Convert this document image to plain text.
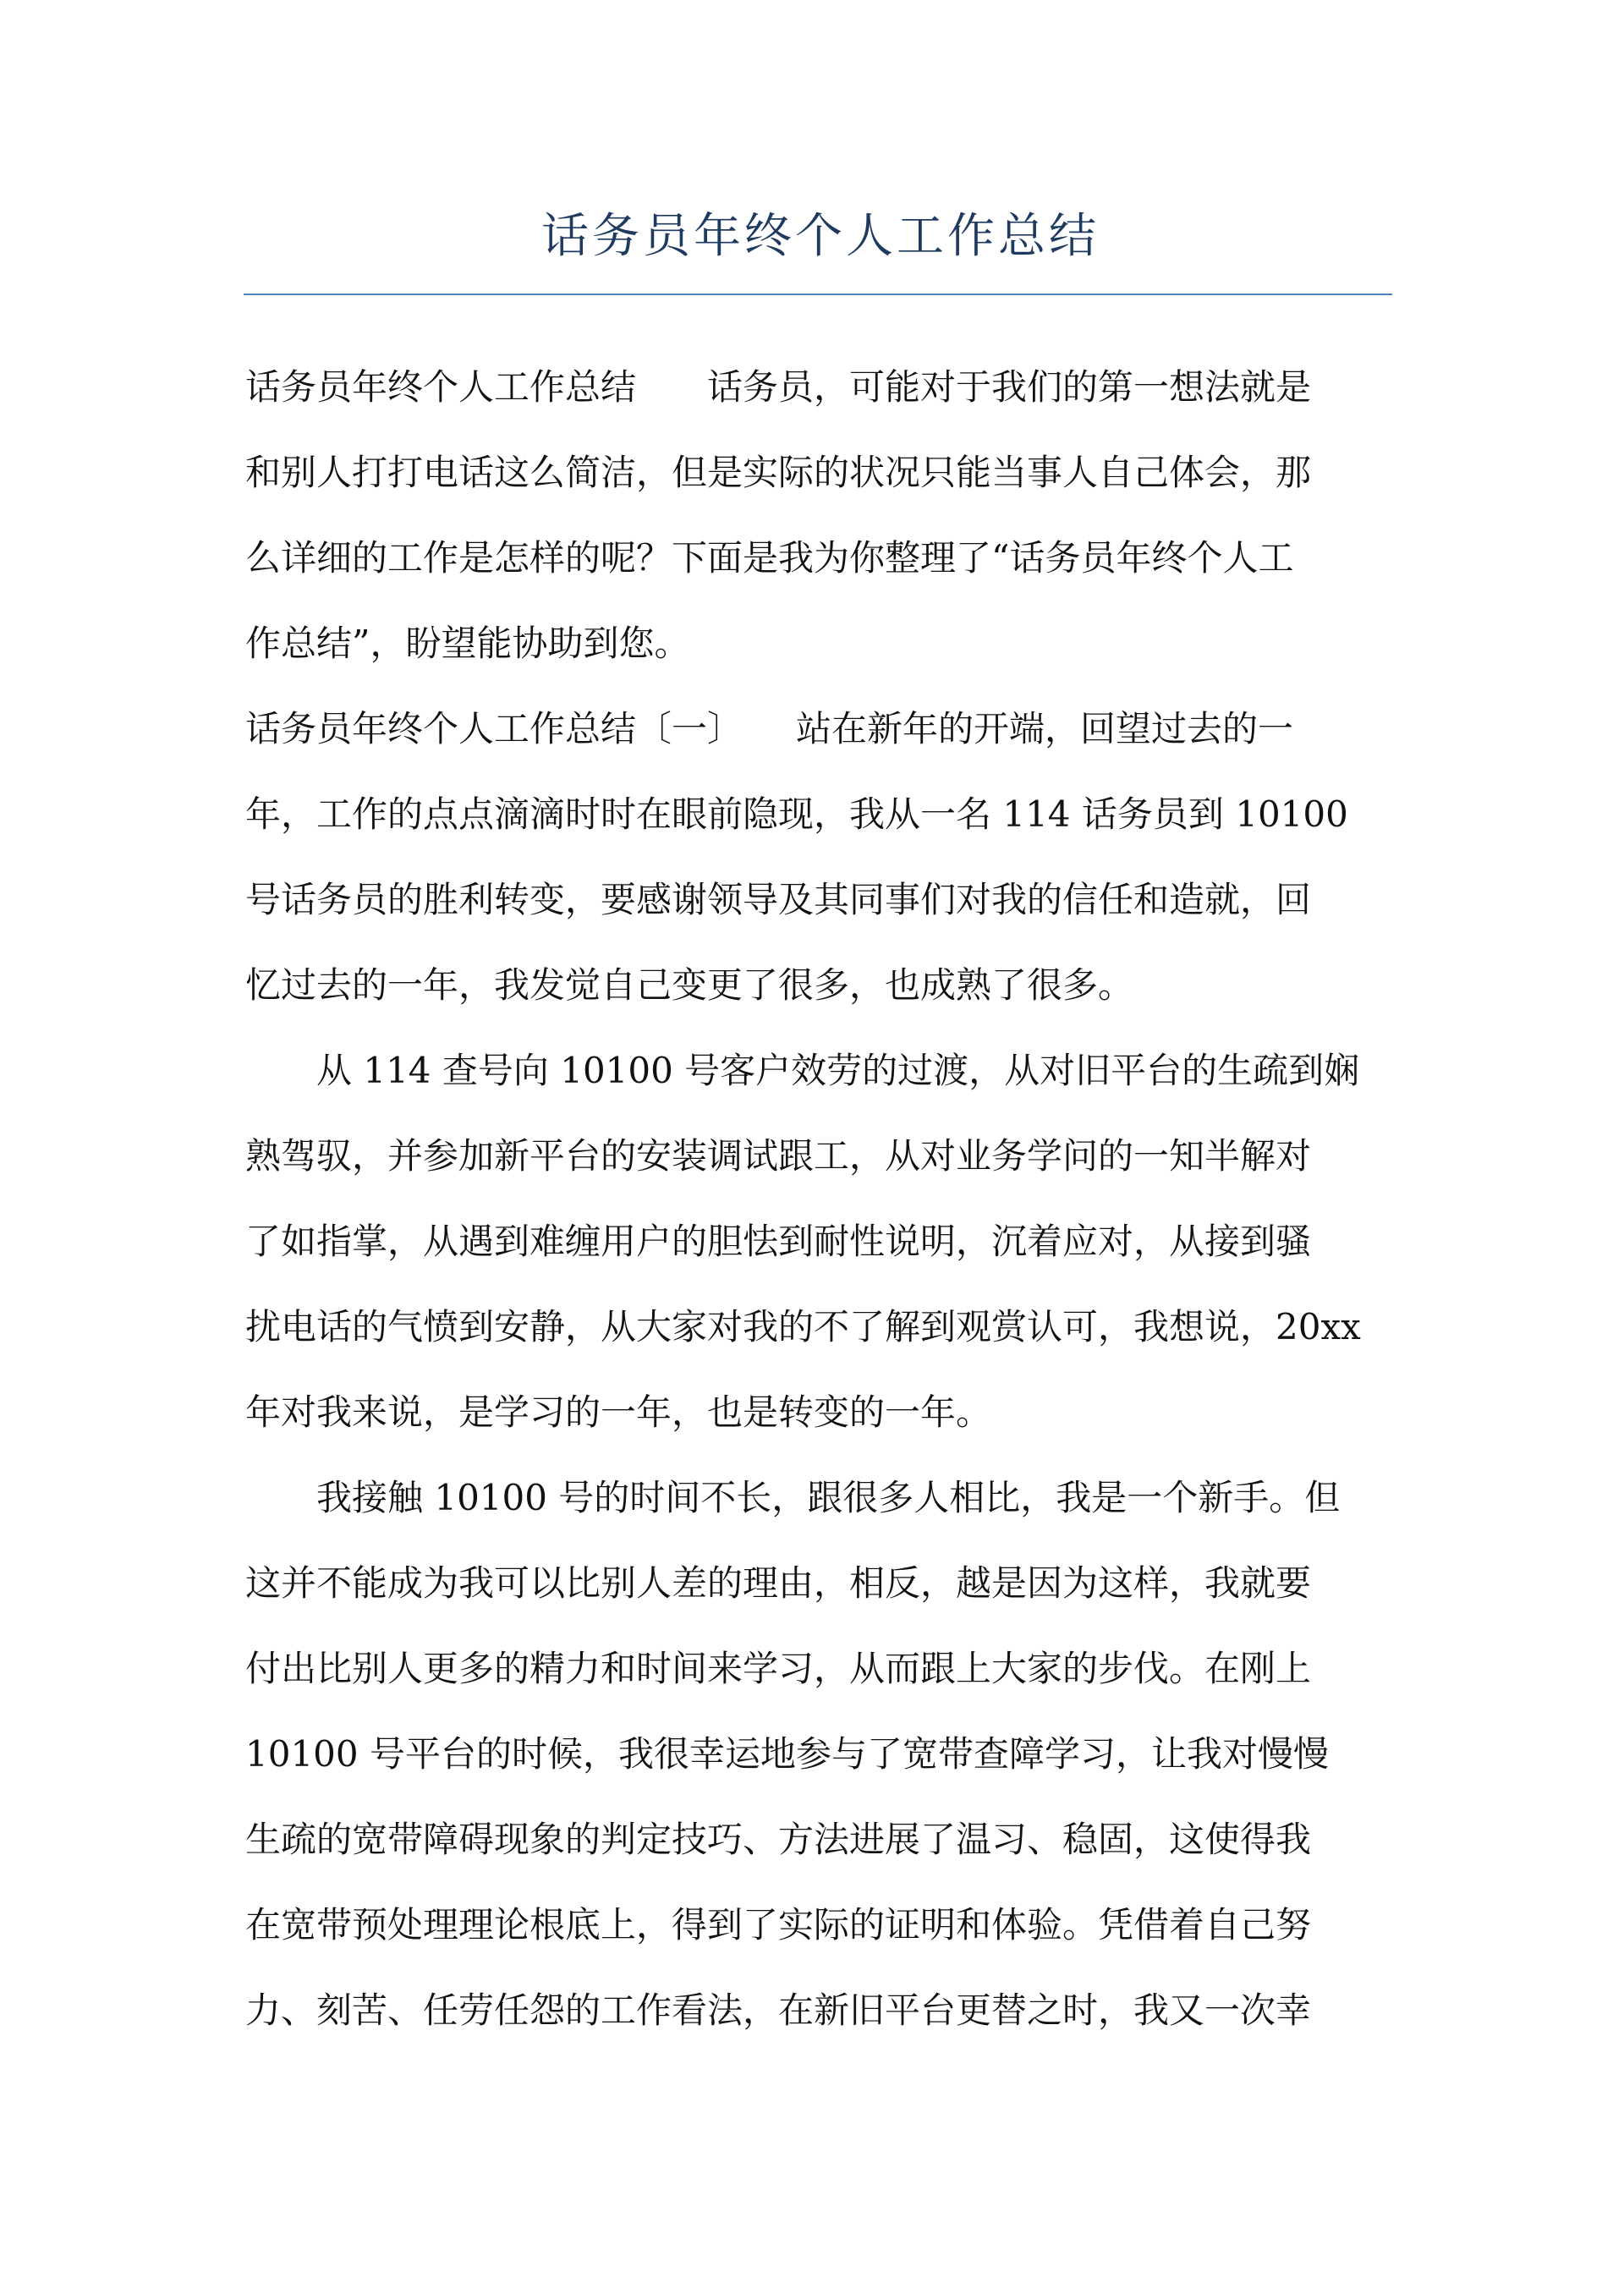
话务员年终个人工作总结
话务员年终个人工作总结　　话务员，可能对于我们的第一想法就是
和别人打打电话这么简洁，但是实际的状况只能当事人自己体会，那
么详细的工作是怎样的呢？下面是我为你整理了“话务员年终个人工
作总结”，盼望能协助到您。
话务员年终个人工作总结〔一〕　　站在新年的开端，回望过去的一
年，工作的点点滴滴时时在眼前隐现，我从一名 114 话务员到 10100
号话务员的胜利转变，要感谢领导及其同事们对我的信任和造就，回
忆过去的一年，我发觉自己变更了很多，也成熟了很多。
　　从 114 查号向 10100 号客户效劳的过渡，从对旧平台的生疏到娴
熟驾驭，并参加新平台的安装调试跟工，从对业务学问的一知半解对
了如指掌，从遇到难缠用户的胆怯到耐性说明，沉着应对，从接到骚
扰电话的气愤到安静，从大家对我的不了解到观赏认可，我想说，20xx
年对我来说，是学习的一年，也是转变的一年。
　　我接触 10100 号的时间不长，跟很多人相比，我是一个新手。但
这并不能成为我可以比别人差的理由，相反，越是因为这样，我就要
付出比别人更多的精力和时间来学习，从而跟上大家的步伐。在刚上
10100 号平台的时候，我很幸运地参与了宽带查障学习，让我对慢慢
生疏的宽带障碍现象的判定技巧、方法进展了温习、稳固，这使得我
在宽带预处理理论根底上，得到了实际的证明和体验。凭借着自己努
力、刻苦、任劳任怨的工作看法，在新旧平台更替之时，我又一次幸
